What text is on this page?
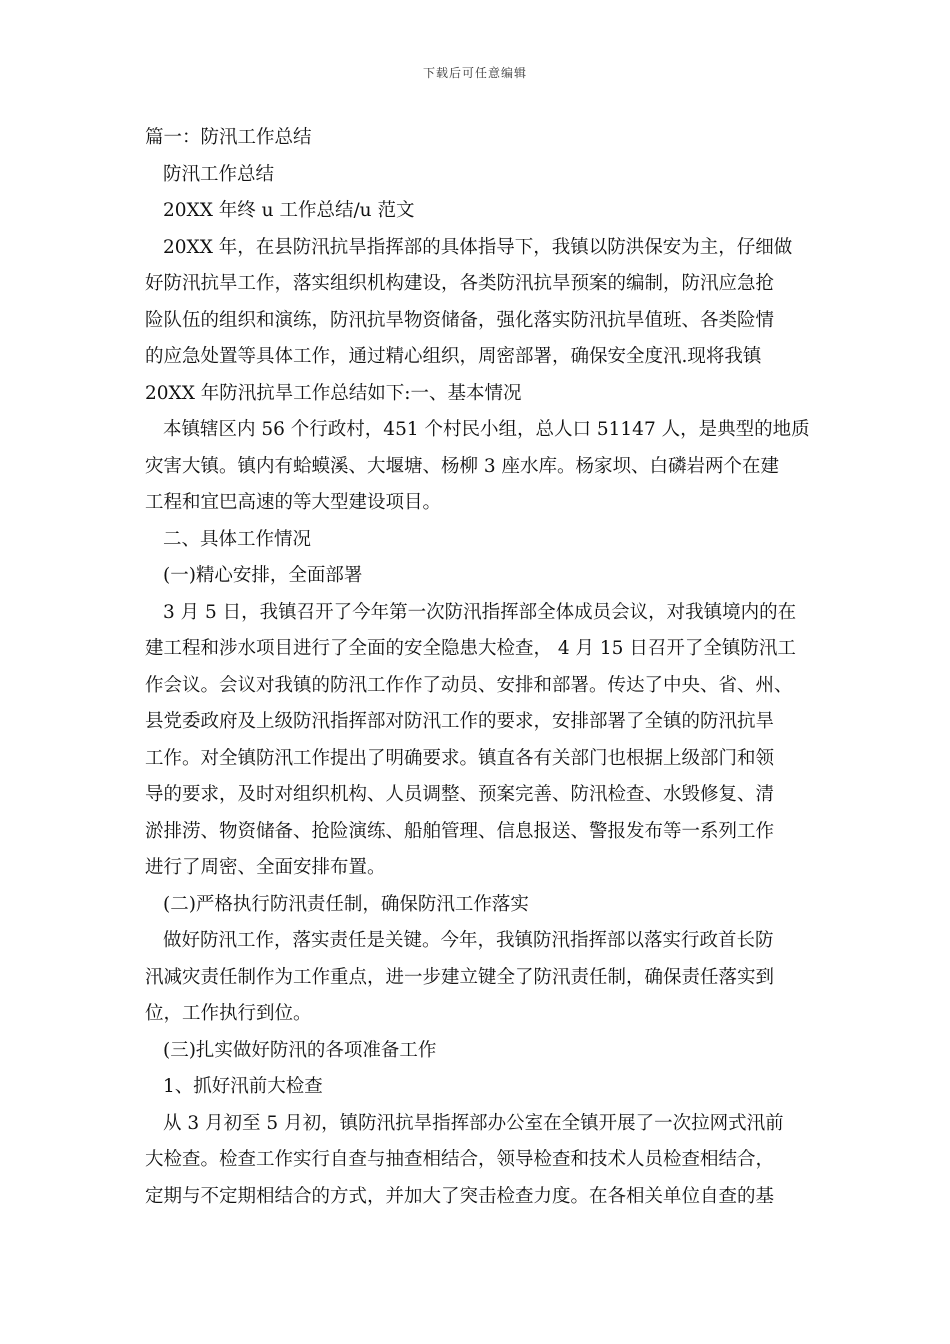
下载后可任意编辑
篇一：防汛工作总结
防汛工作总结
20XX 年终 u 工作总结/u 范文
20XX 年，在县防汛抗旱指挥部的具体指导下，我镇以防洪保安为主，仔细做
好防汛抗旱工作，落实组织机构建设，各类防汛抗旱预案的编制，防汛应急抢
险队伍的组织和演练，防汛抗旱物资储备，强化落实防汛抗旱值班、各类险情
的应急处置等具体工作，通过精心组织，周密部署，确保安全度汛.现将我镇
20XX 年防汛抗旱工作总结如下:一、基本情况
本镇辖区内 56 个行政村，451 个村民小组，总人口 51147 人，是典型的地质
灾害大镇。镇内有蛤蟆溪、大堰塘、杨柳 3 座水库。杨家坝、白磷岩两个在建
工程和宜巴高速的等大型建设项目。
二、具体工作情况
(一)精心安排，全面部署
3 月 5 日，我镇召开了今年第一次防汛指挥部全体成员会议，对我镇境内的在
建工程和涉水项目进行了全面的安全隐患大检查， 4 月 15 日召开了全镇防汛工
作会议。会议对我镇的防汛工作作了动员、安排和部署。传达了中央、省、州、
县党委政府及上级防汛指挥部对防汛工作的要求，安排部署了全镇的防汛抗旱
工作。对全镇防汛工作提出了明确要求。镇直各有关部门也根据上级部门和领
导的要求，及时对组织机构、人员调整、预案完善、防汛检查、水毁修复、清
淤排涝、物资储备、抢险演练、船舶管理、信息报送、警报发布等一系列工作
进行了周密、全面安排布置。
(二)严格执行防汛责任制，确保防汛工作落实
做好防汛工作，落实责任是关键。今年，我镇防汛指挥部以落实行政首长防
汛减灾责任制作为工作重点，进一步建立键全了防汛责任制，确保责任落实到
位，工作执行到位。
(三)扎实做好防汛的各项准备工作
1、抓好汛前大检查
从 3 月初至 5 月初，镇防汛抗旱指挥部办公室在全镇开展了一次拉网式汛前
大检查。检查工作实行自查与抽查相结合，领导检查和技术人员检查相结合，
定期与不定期相结合的方式，并加大了突击检查力度。在各相关单位自查的基
